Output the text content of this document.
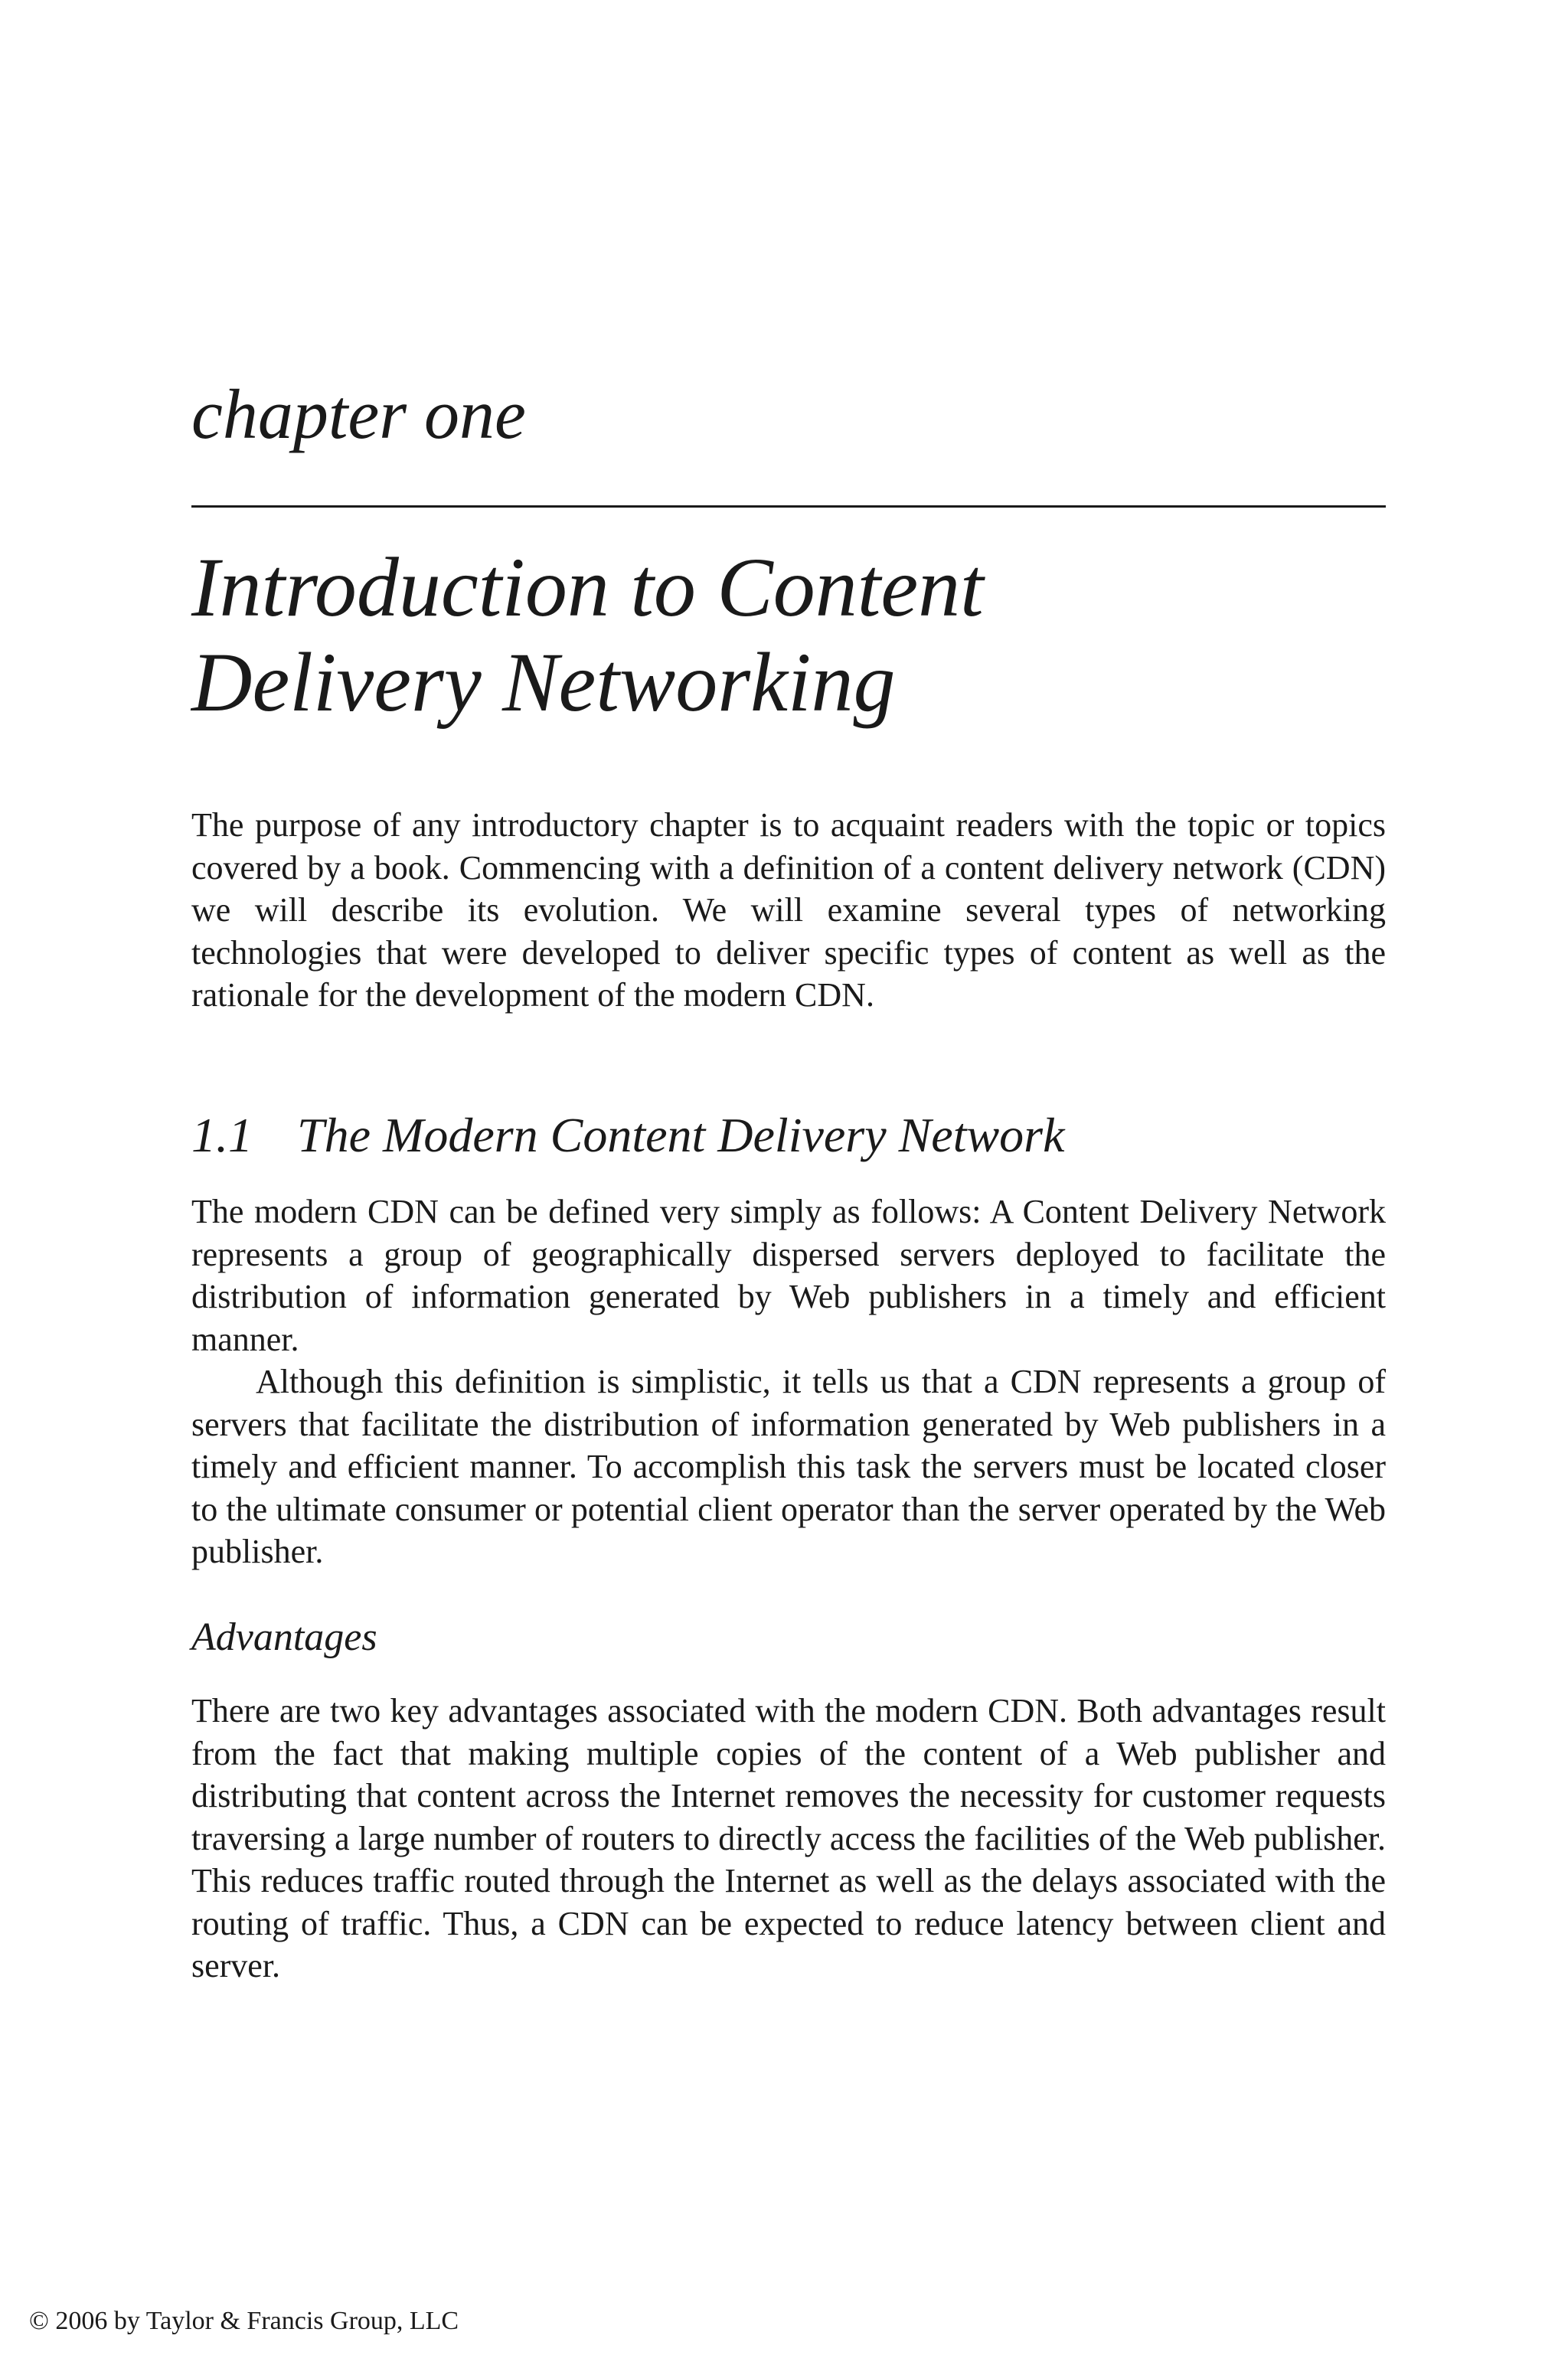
chapter one
Introduction to Content
Delivery Networking

The purpose of any introductory chapter is to acquaint readers with the topic or topics covered by a book. Commencing with a definition of a content delivery network (CDN) we will describe its evolution. We will examine several types of networking technologies that were developed to deliver specific types of content as well as the rationale for the development of the modern CDN.

1.1 The Modern Content Delivery Network

The modern CDN can be defined very simply as follows: A Content Delivery Network represents a group of geographically dispersed servers deployed to facilitate the distribution of information generated by Web publishers in a timely and efficient manner.

Although this definition is simplistic, it tells us that a CDN represents a group of servers that facilitate the distribution of information generated by Web publishers in a timely and efficient manner. To accomplish this task the servers must be located closer to the ultimate consumer or potential client operator than the server operated by the Web publisher.

Advantages

There are two key advantages associated with the modern CDN. Both advantages result from the fact that making multiple copies of the content of a Web publisher and distributing that content across the Internet removes the necessity for customer requests traversing a large number of routers to directly access the facilities of the Web publisher. This reduces traffic routed through the Internet as well as the delays associated with the routing of traffic. Thus, a CDN can be expected to reduce latency between client and server.

© 2006 by Taylor & Francis Group, LLC
